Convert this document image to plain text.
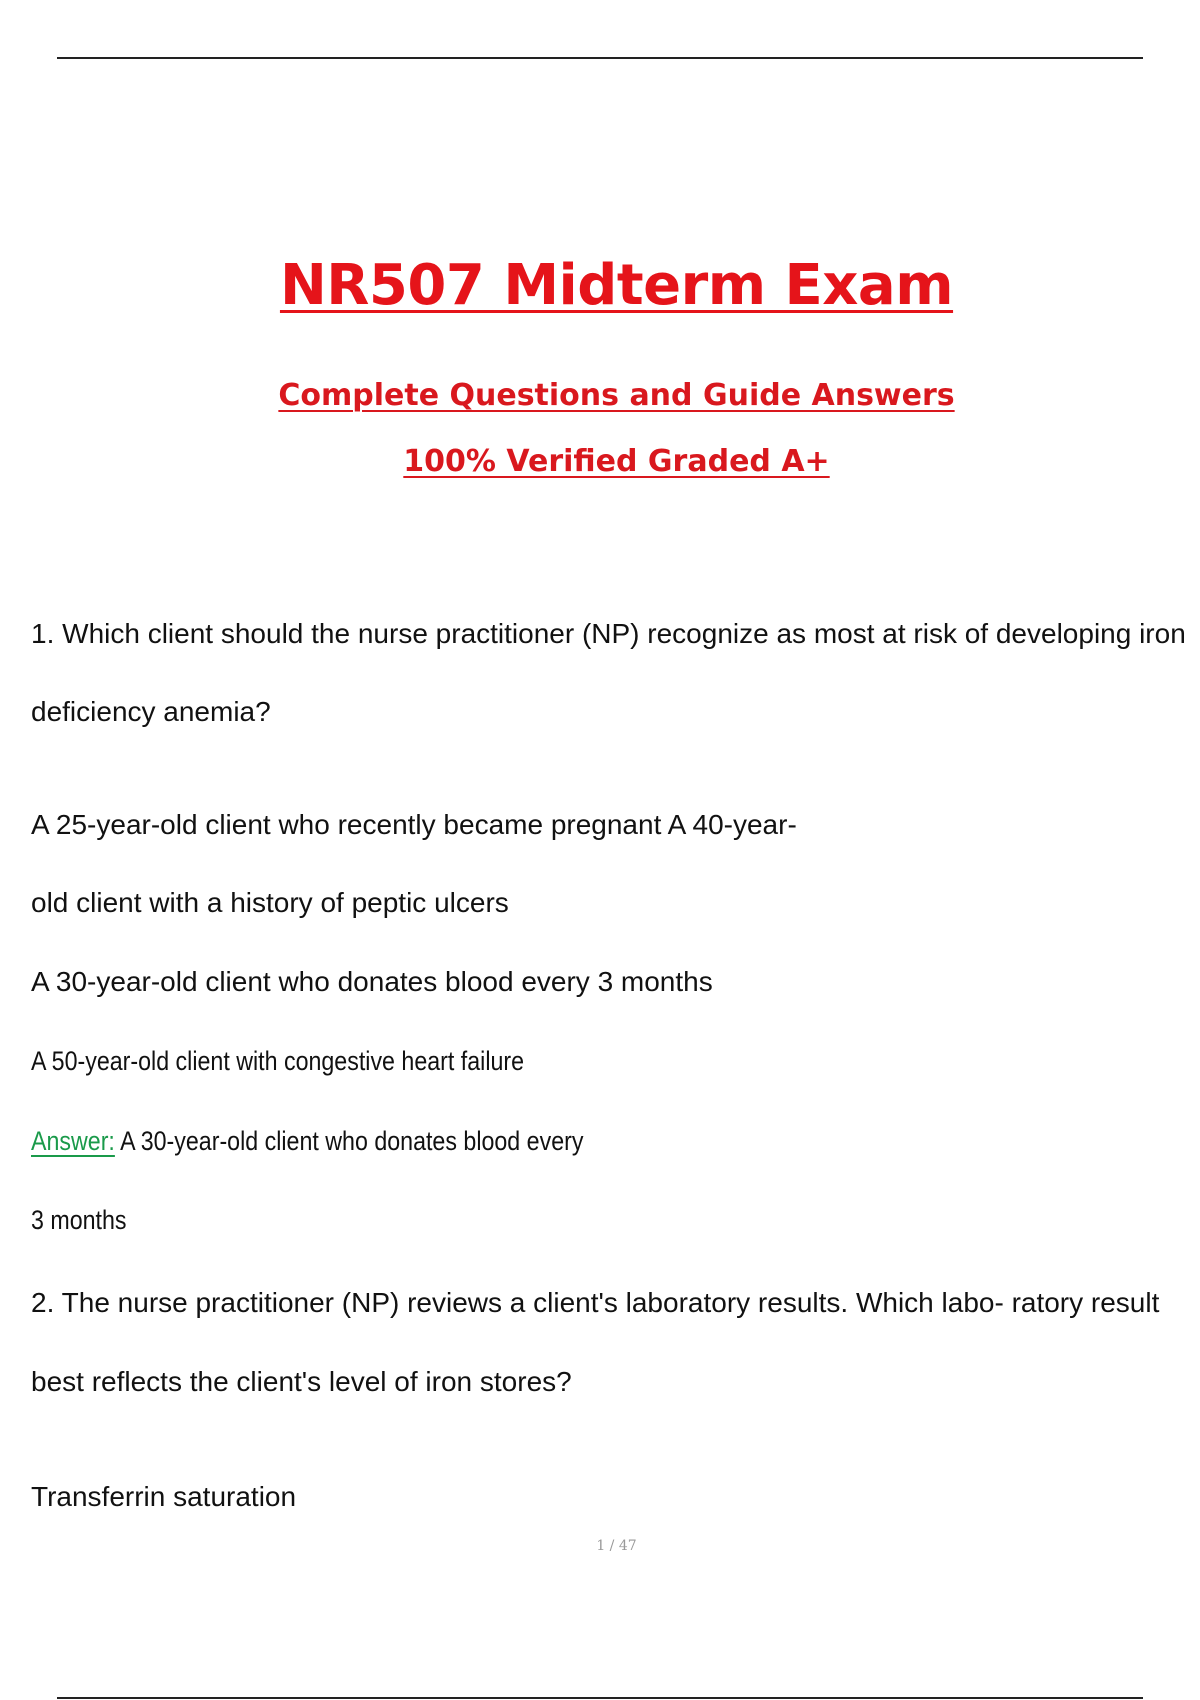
NR507 Midterm Exam
Complete Questions and Guide Answers
100% Verified Graded A+
1. Which client should the nurse practitioner (NP) recognize as most at risk of developing iron
deficiency anemia?
A 25-year-old client who recently became pregnant A 40-year-
old client with a history of peptic ulcers
A 30-year-old client who donates blood every 3 months
A 50-year-old client with congestive heart failure
Answer: A 30-year-old client who donates blood every
3 months
2. The nurse practitioner (NP) reviews a client's laboratory results. Which labo- ratory result
best reflects the client's level of iron stores?
Transferrin saturation
1 / 47
